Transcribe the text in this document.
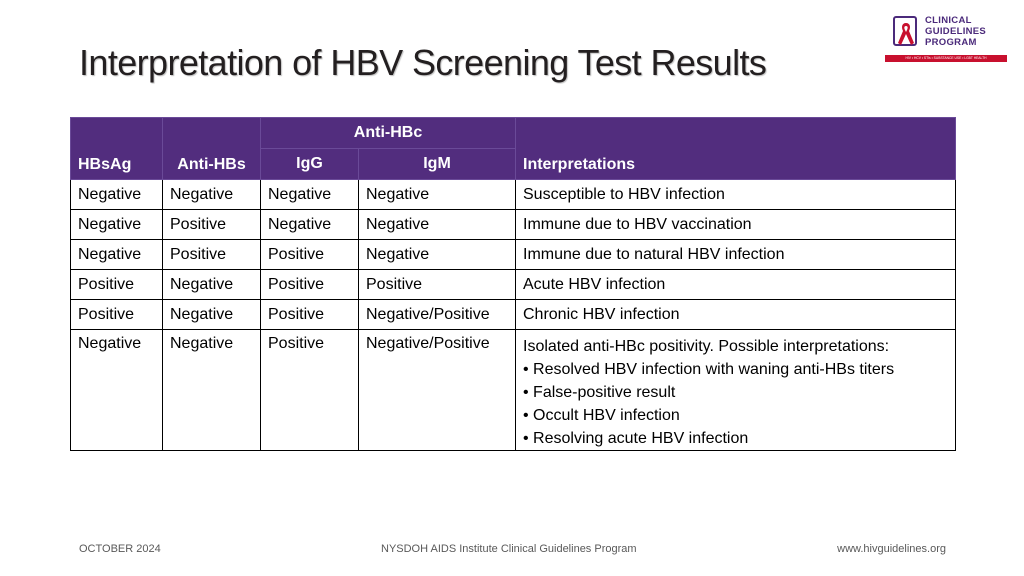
Interpretation of HBV Screening Test Results
CLINICAL
GUIDELINES
PROGRAM
HIV • HCV • STIs • SUBSTANCE USE • LGBT HEALTH
HBsAg	Anti-HBs	Anti-HBc		Interpretations
		IgG	IgM	
Negative	Negative	Negative	Negative	Susceptible to HBV infection
Negative	Positive	Negative	Negative	Immune due to HBV vaccination
Negative	Positive	Positive	Negative	Immune due to natural HBV infection
Positive	Negative	Positive	Positive	Acute HBV infection
Positive	Negative	Positive	Negative/Positive	Chronic HBV infection
Negative	Negative	Positive	Negative/Positive	Isolated anti-HBc positivity. Possible interpretations:
• Resolved HBV infection with waning anti-HBs titers
• False-positive result
• Occult HBV infection
• Resolving acute HBV infection
OCTOBER 2024	NYSDOH AIDS Institute Clinical Guidelines Program	www.hivguidelines.org
